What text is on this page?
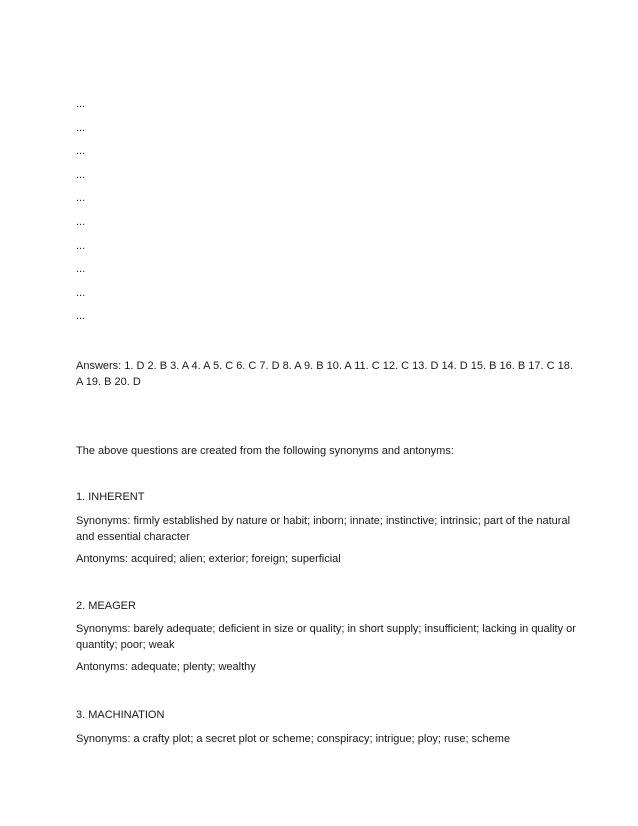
...
...
...
...
...
...
...
...
...
...

Answers: 1. D 2. B 3. A 4. A 5. C 6. C 7. D 8. A 9. B 10. A 11. C 12. C 13. D 14. D 15. B 16. B 17. C 18. A 19. B 20. D

The above questions are created from the following synonyms and antonyms:

1. INHERENT

Synonyms: firmly established by nature or habit; inborn; innate; instinctive; intrinsic; part of the natural and essential character

Antonyms: acquired; alien; exterior; foreign; superficial

2. MEAGER

Synonyms: barely adequate; deficient in size or quality; in short supply; insufficient; lacking in quality or quantity; poor; weak

Antonyms: adequate; plenty; wealthy

3. MACHINATION

Synonyms: a crafty plot; a secret plot or scheme; conspiracy; intrigue; ploy; ruse; scheme
